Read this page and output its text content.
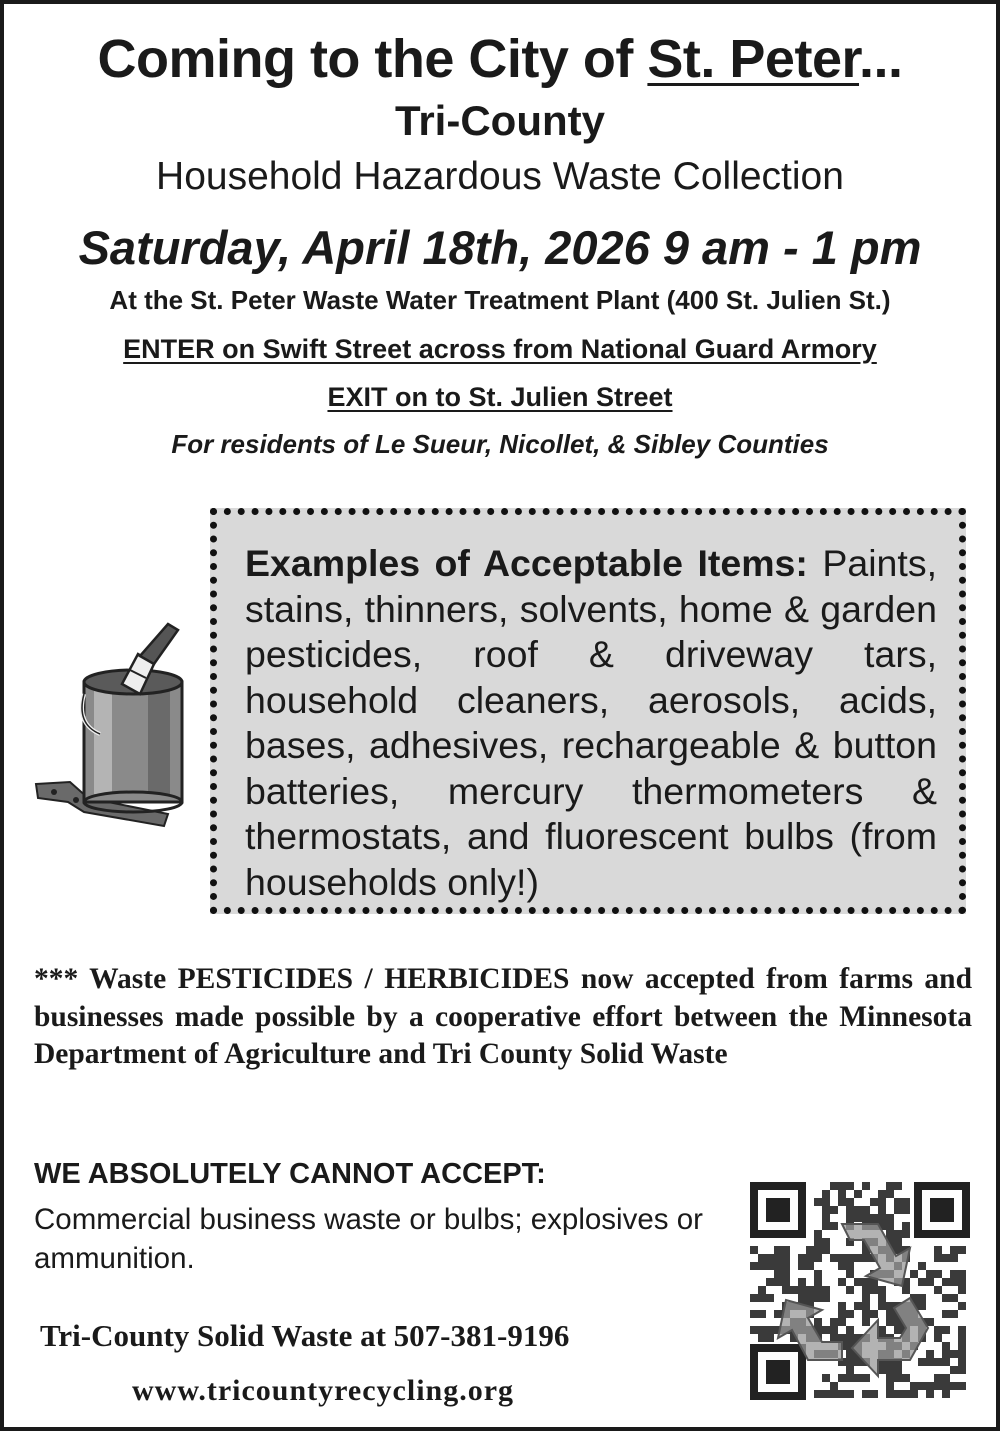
Coming to the City of St. Peter...
Tri-County
Household Hazardous Waste Collection
Saturday, April 18th, 2026 9 am - 1 pm
At the St. Peter Waste Water Treatment Plant (400 St. Julien St.)
ENTER on Swift Street across from National Guard Armory
EXIT on to St. Julien Street
For residents of Le Sueur, Nicollet, & Sibley Counties

Examples of Acceptable Items: Paints, stains, thinners, solvents, home & garden pesticides, roof & driveway tars, household cleaners, aerosols, acids, bases, adhesives, rechargeable & button batteries, mercury thermometers & thermostats, and fluorescent bulbs (from households only!)

*** Waste PESTICIDES / HERBICIDES now accepted from farms and businesses made possible by a cooperative effort between the Minnesota Department of Agriculture and Tri County Solid Waste

WE ABSOLUTELY CANNOT ACCEPT:

Commercial business waste or bulbs; explosives or ammunition.

Tri-County Solid Waste at 507-381-9196
www.tricountyrecycling.org
